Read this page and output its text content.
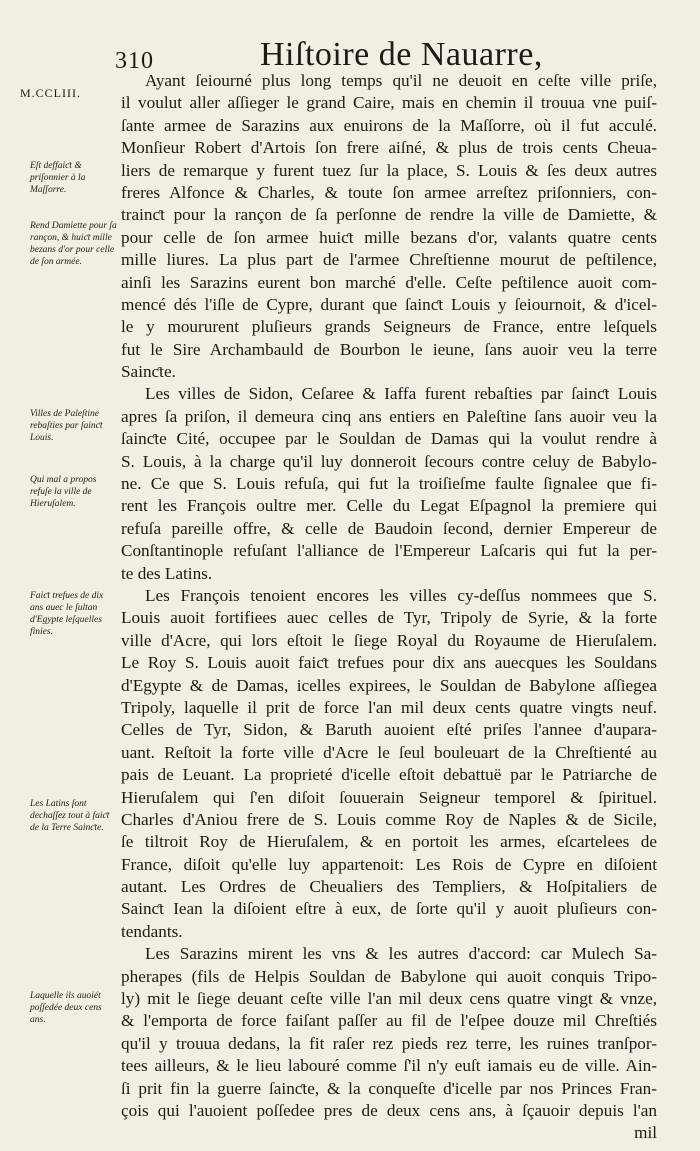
310	Hiſtoire de Nauarre,
M.CCLIII.
Eſt deffaiƈt & priſonnier à la Maſſorre.
Rend Damiette pour ſa rançon, & huiƈt mille bezans d'or pour celle de ſon armée.
Villes de Paleſtine rebaſties par ſainƈt Louis.
Qui mal a propos refuſe la ville de Hieruſalem.
Faiƈt trefues de dix ans auec le ſultan d'Egypte leſquelles finies.
Les Latins ſont dechaſſez tout à faiƈt de la Terre Sainƈte.
Laquelle ils auoiét poſſedée deux cens ans.
Ayant ſeiourné plus long temps qu'il ne deuoit en ceſte ville priſe,
il voulut aller aſſieger le grand Caire, mais en chemin il trouua vne puiſ-
ſante armee de Sarazins aux enuirons de la Maſſorre, où il fut acculé.
Monſieur Robert d'Artois ſon frere aiſné, & plus de trois cents Cheua-
liers de remarque y furent tuez ſur la place, S. Louis & ſes deux autres
freres Alfonce & Charles, & toute ſon armee arreſtez priſonniers, con-
trainƈt pour la rançon de ſa perſonne de rendre la ville de Damiette, &
pour celle de ſon armee huiƈt mille bezans d'or, valants quatre cents
mille liures. La plus part de l'armee Chreſtienne mourut de peſtilence,
ainſi les Sarazins eurent bon marché d'elle. Ceſte peſtilence auoit com-
mencé dés l'iſle de Cypre, durant que ſainƈt Louis y ſeiournoit, & d'icel-
le y moururent pluſieurs grands Seigneurs de France, entre leſquels
fut le Sire Archambauld de Bourbon le ieune, ſans auoir veu la terre
Sainƈte.
Les villes de Sidon, Ceſaree & Iaffa furent rebaſties par ſainƈt Louis
apres ſa priſon, il demeura cinq ans entiers en Paleſtine ſans auoir veu la
ſainƈte Cité, occupee par le Souldan de Damas qui la voulut rendre à
S. Louis, à la charge qu'il luy donneroit ſecours contre celuy de Babylo-
ne. Ce que S. Louis refuſa, qui fut la troiſieſme faulte ſignalee que fi-
rent les François oultre mer. Celle du Legat Eſpagnol la premiere qui
refuſa pareille offre, & celle de Baudoin ſecond, dernier Empereur de
Conſtantinople refuſant l'alliance de l'Empereur Laſcaris qui fut la per-
te des Latins.
Les François tenoient encores les villes cy-deſſus nommees que S.
Louis auoit fortifiees auec celles de Tyr, Tripoly de Syrie, & la forte
ville d'Acre, qui lors eſtoit le ſiege Royal du Royaume de Hieruſalem.
Le Roy S. Louis auoit faiƈt trefues pour dix ans auecques les Souldans
d'Egypte & de Damas, icelles expirees, le Souldan de Babylone aſſiegea
Tripoly, laquelle il prit de force l'an mil deux cents quatre vingts neuf.
Celles de Tyr, Sidon, & Baruth auoient eſté priſes l'annee d'aupara-
uant. Reſtoit la forte ville d'Acre le ſeul bouleuart de la Chreſtienté au
pais de Leuant. La proprieté d'icelle eſtoit debattuë par le Patriarche de
Hieruſalem qui ſ'en diſoit ſouuerain Seigneur temporel & ſpirituel.
Charles d'Aniou frere de S. Louis comme Roy de Naples & de Sicile,
ſe tiltroit Roy de Hieruſalem, & en portoit les armes, eſcartelees de
France, diſoit qu'elle luy appartenoit: Les Rois de Cypre en diſoient
autant. Les Ordres de Cheualiers des Templiers, & Hoſpitaliers de
Sainƈt Iean la diſoient eſtre à eux, de ſorte qu'il y auoit pluſieurs con-
tendants.
Les Sarazins mirent les vns & les autres d'accord: car Mulech Sa-
pherapes (fils de Helpis Souldan de Babylone qui auoit conquis Tripo-
ly) mit le ſiege deuant ceſte ville l'an mil deux cens quatre vingt & vnze,
& l'emporta de force faiſant paſſer au fil de l'eſpee douze mil Chreſtiés
qu'il y trouua dedans, la fit raſer rez pieds rez terre, les ruines tranſpor-
tees ailleurs, & le lieu labouré comme ſ'il n'y euſt iamais eu de ville. Ain-
ſi prit fin la guerre ſainƈte, & la conqueſte d'icelle par nos Princes Fran-
çois qui l'auoient poſſedee pres de deux cens ans, à ſçauoir depuis l'an
mil
